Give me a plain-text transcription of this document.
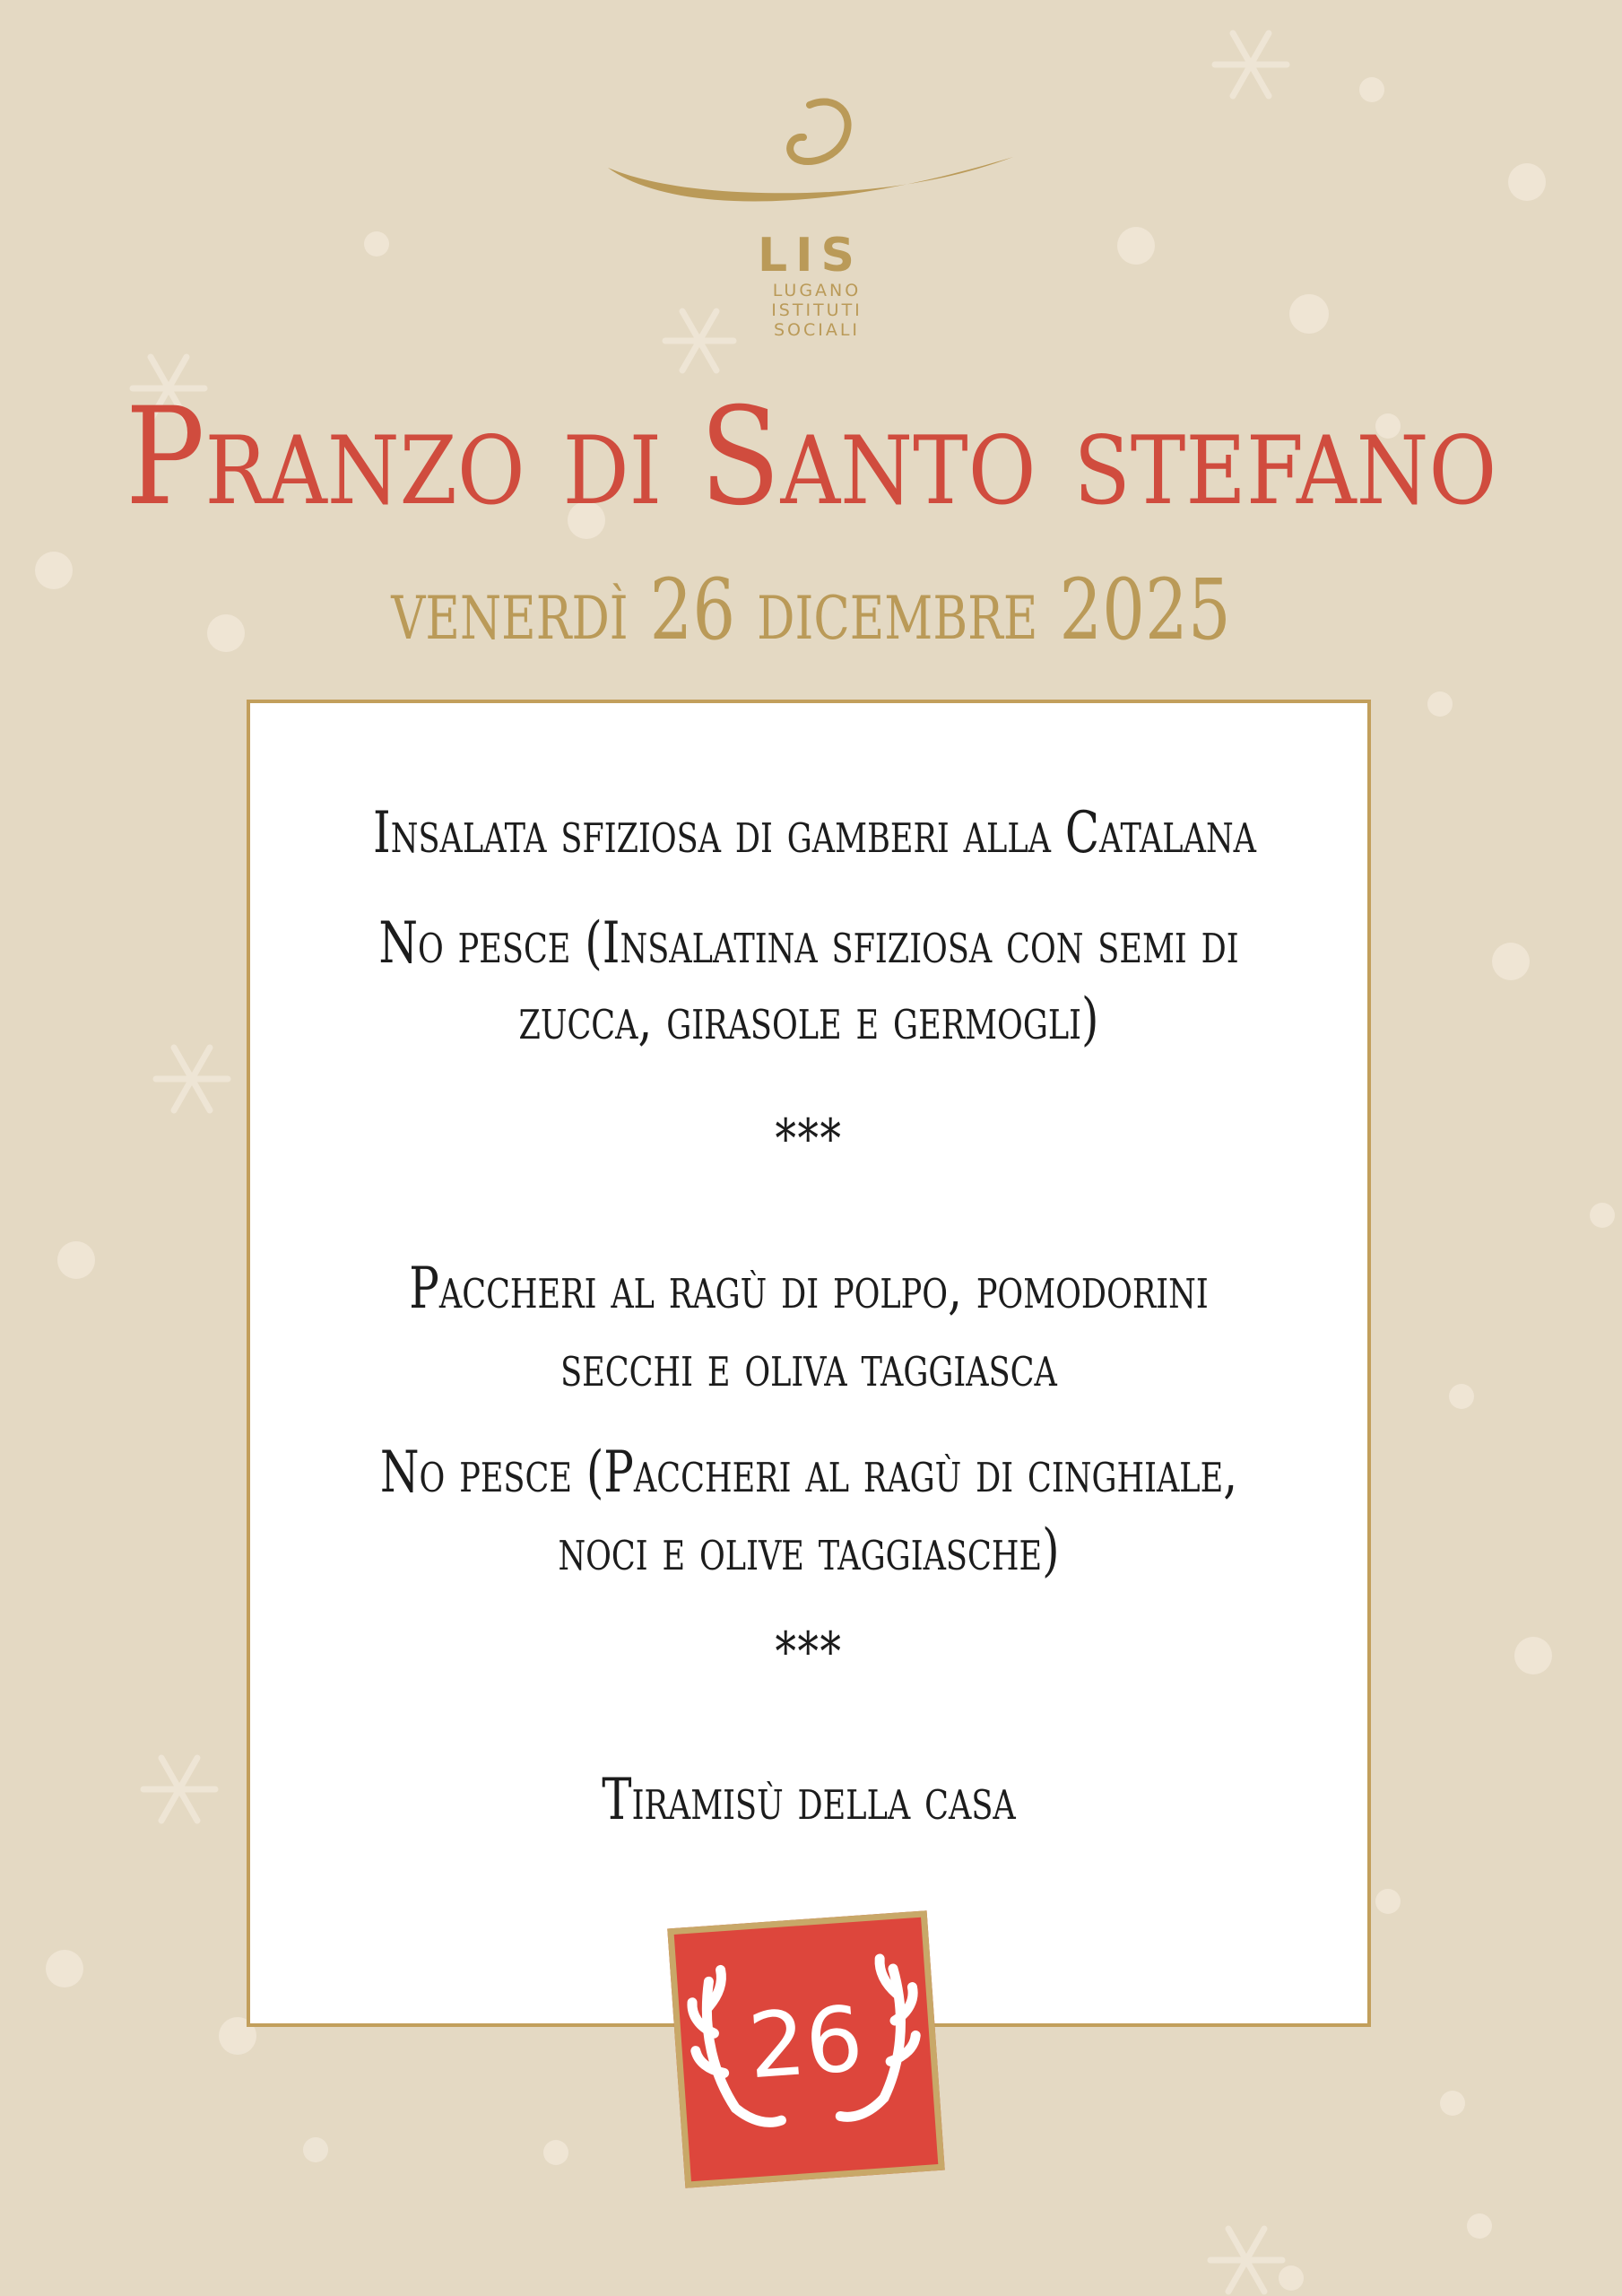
LIS
LUGANO
ISTITUTI
SOCIALI
Pranzo di Santo stefano
venerdì 26 dicembre 2025
Insalata sfiziosa di gamberi alla Catalana
No pesce (Insalatina sfiziosa con semi di
zucca, girasole e germogli)
***
Paccheri al ragù di polpo, pomodorini
secchi e oliva taggiasca
No pesce (Paccheri al ragù di cinghiale,
noci e olive taggiasche)
***
Tiramisù della casa
26
